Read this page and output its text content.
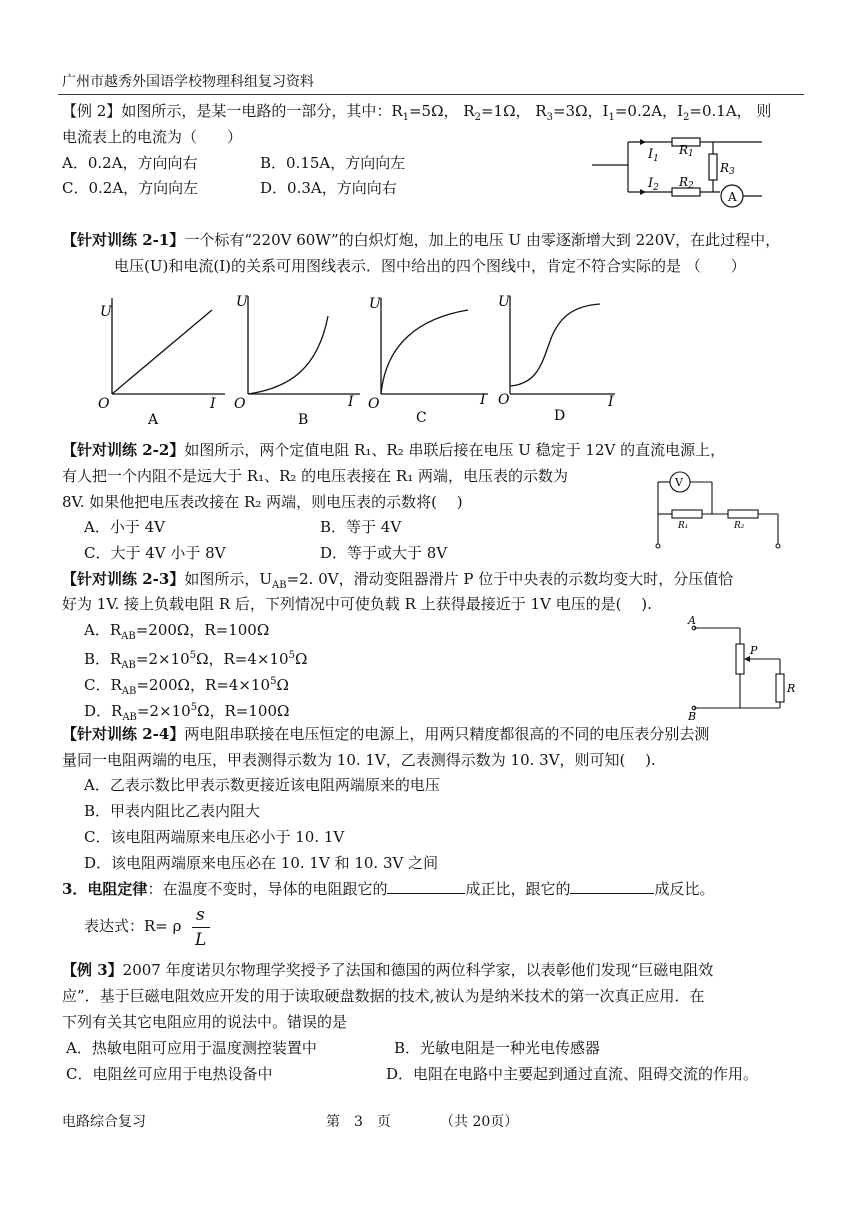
广州市越秀外国语学校物理科组复习资料
【例 2】如图所示，是某一电路的一部分，其中：$R_1=5\Omega$， $R_2=1\Omega$， $R_3=3\Omega$，$I_1=0.2A$，$I_2=0.1A$， 则
电流表上的电流为（　　）
A．0.2A，方向向右	B．0.15A，方向向左
C．0.2A，方向向左	D．0.3A，方向向右
$I_1$
$I_2$
R1
R2
R3
A
【针对训练 2-1】一个标有“220V 60W”的白炽灯炮，加上的电压 U 由零逐渐增大到 220V，在此过程中，
电压(U)和电流(I)的关系可用图线表示．图中给出的四个图线中，肯定不符合实际的是 （　　）
U
O	I
A
U
O	I
B
U
O	I
C
U
O	I
D
【针对训练 2-2】如图所示，两个定值电阻 R₁、R₂ 串联后接在电压 U 稳定于 12V 的直流电源上，
有人把一个内阻不是远大于 R₁、R₂ 的电压表接在 R₁ 两端，电压表的示数为
8V. 如果他把电压表改接在 R₂ 两端，则电压表的示数将(　 )
A．小于 4V	B．等于 4V
C．大于 4V 小于 8V	D．等于或大于 8V
V
R₁	R₂
【针对训练 2-3】如图所示，$U_{AB}=2$. 0V，滑动变阻器滑片 P 位于中央表的示数均变大时，分压值恰
好为 1V. 接上负载电阻 R 后，下列情况中可使负载 R 上获得最接近于 1V 电压的是(　 ).
A．$R_{AB}=200\Omega$，R=100Ω
B．$R_{AB}=2\times 10^5\Omega$，$R=4\times 10^5\Omega$
C．$R_{AB}=200\Omega$，$R=4\times 10^5\Omega$
D．$R_{AB}=2\times 10^5\Omega$，R=100Ω
A
B
P
R
【针对训练 2-4】两电阻串联接在电压恒定的电源上，用两只精度都很高的不同的电压表分别去测
量同一电阻两端的电压，甲表测得示数为 10. 1V，乙表测得示数为 10. 3V，则可知(　 ).
A．乙表示数比甲表示数更接近该电阻两端原来的电压
B．甲表内阻比乙表内阻大
C．该电阻两端原来电压必小于 10. 1V
D．该电阻两端原来电压必在 10. 1V 和 10. 3V 之间
3．电阻定律：在温度不变时，导体的电阻跟它的	成正比，跟它的	成反比。
表达式：R= ρ
s
L
【例 3】2007 年度诺贝尔物理学奖授予了法国和德国的两位科学家，以表彰他们发现“巨磁电阻效
应”．基于巨磁电阻效应开发的用于读取硬盘数据的技术,被认为是纳米技术的第一次真正应用．在
下列有关其它电阻应用的说法中。错误的是
A．热敏电阻可应用于温度测控装置中	B．光敏电阻是一种光电传感器
C．电阻丝可应用于电热设备中	D．电阻在电路中主要起到通过直流、阻碍交流的作用。
电路综合复习	第　3　页	（共 20页）
